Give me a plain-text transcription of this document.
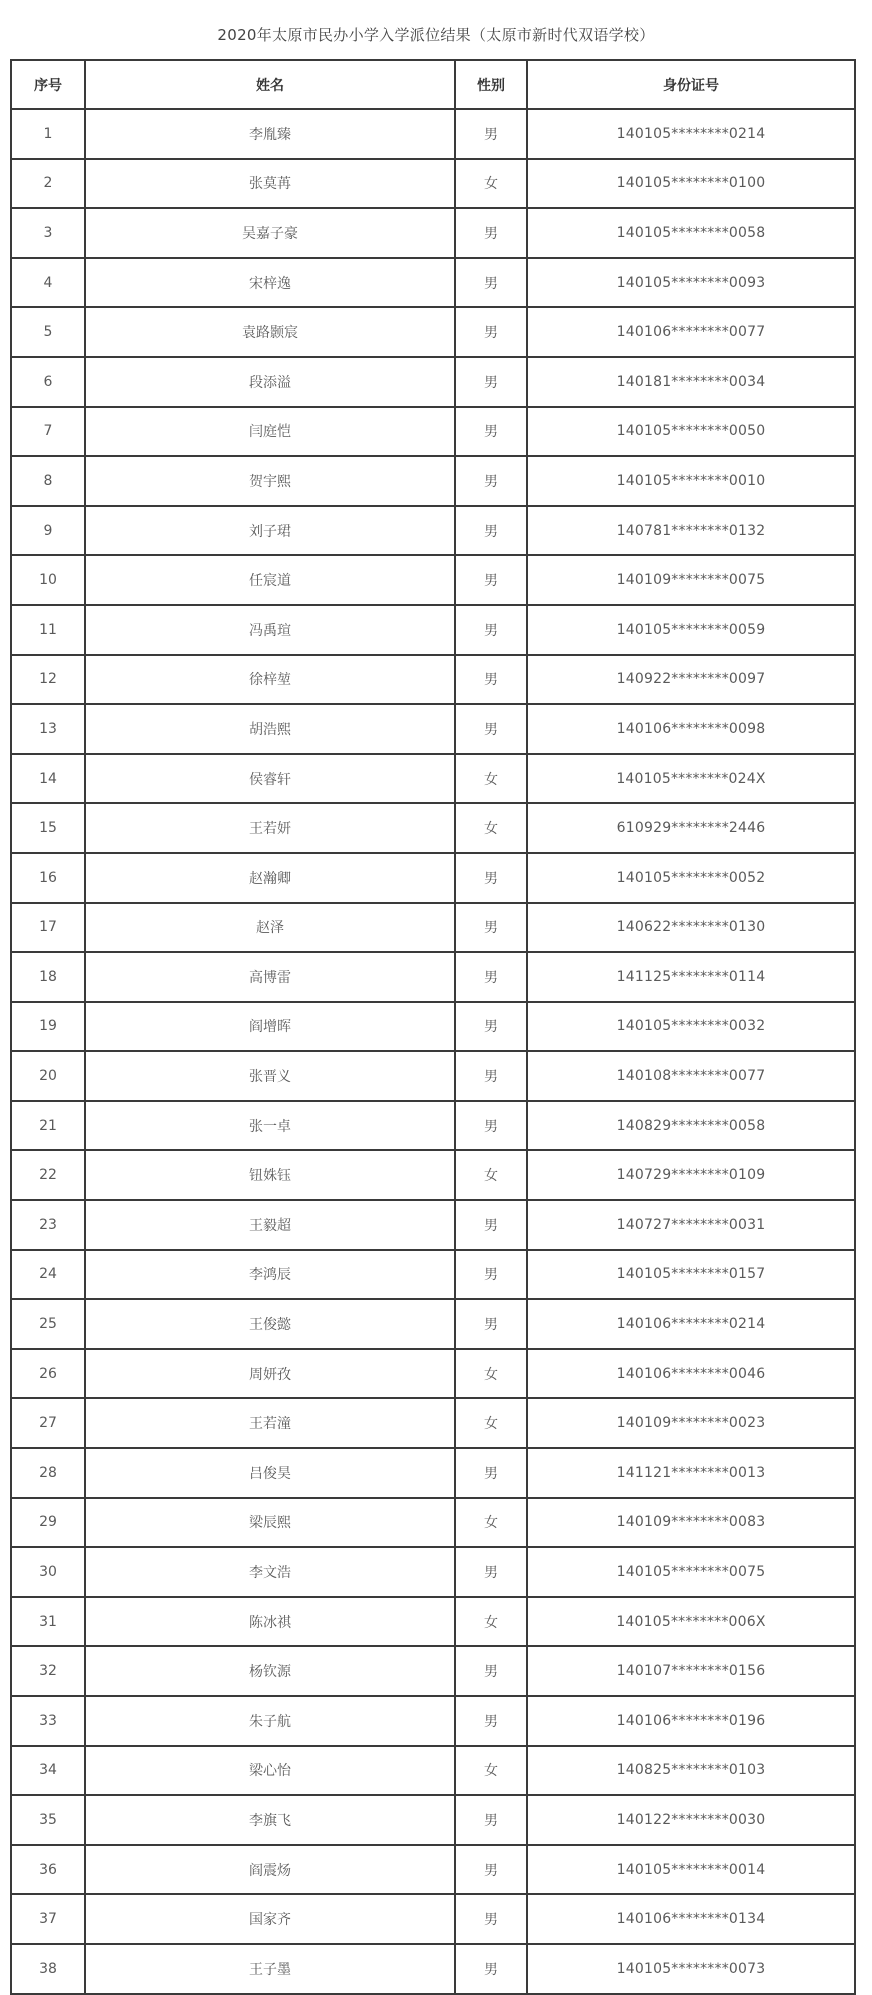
2020年太原市民办小学入学派位结果（太原市新时代双语学校）
序号	姓名	性别	身份证号
1	李胤臻	男	140105********0214
2	张莫苒	女	140105********0100
3	吴嘉子豪	男	140105********0058
4	宋梓逸	男	140105********0093
5	袁路颢宸	男	140106********0077
6	段添溢	男	140181********0034
7	闫庭恺	男	140105********0050
8	贺宇熙	男	140105********0010
9	刘子珺	男	140781********0132
10	任宸道	男	140109********0075
11	冯禹瑄	男	140105********0059
12	徐梓堃	男	140922********0097
13	胡浩熙	男	140106********0098
14	侯睿轩	女	140105********024X
15	王若妍	女	610929********2446
16	赵瀚卿	男	140105********0052
17	赵泽	男	140622********0130
18	高博雷	男	141125********0114
19	阎增晖	男	140105********0032
20	张晋义	男	140108********0077
21	张一卓	男	140829********0058
22	钮姝钰	女	140729********0109
23	王毅超	男	140727********0031
24	李鸿辰	男	140105********0157
25	王俊懿	男	140106********0214
26	周妍孜	女	140106********0046
27	王若潼	女	140109********0023
28	吕俊昊	男	141121********0013
29	梁辰熙	女	140109********0083
30	李文浩	男	140105********0075
31	陈冰祺	女	140105********006X
32	杨钦源	男	140107********0156
33	朱子航	男	140106********0196
34	梁心怡	女	140825********0103
35	李旗飞	男	140122********0030
36	阎震炀	男	140105********0014
37	国家齐	男	140106********0134
38	王子墨	男	140105********0073
